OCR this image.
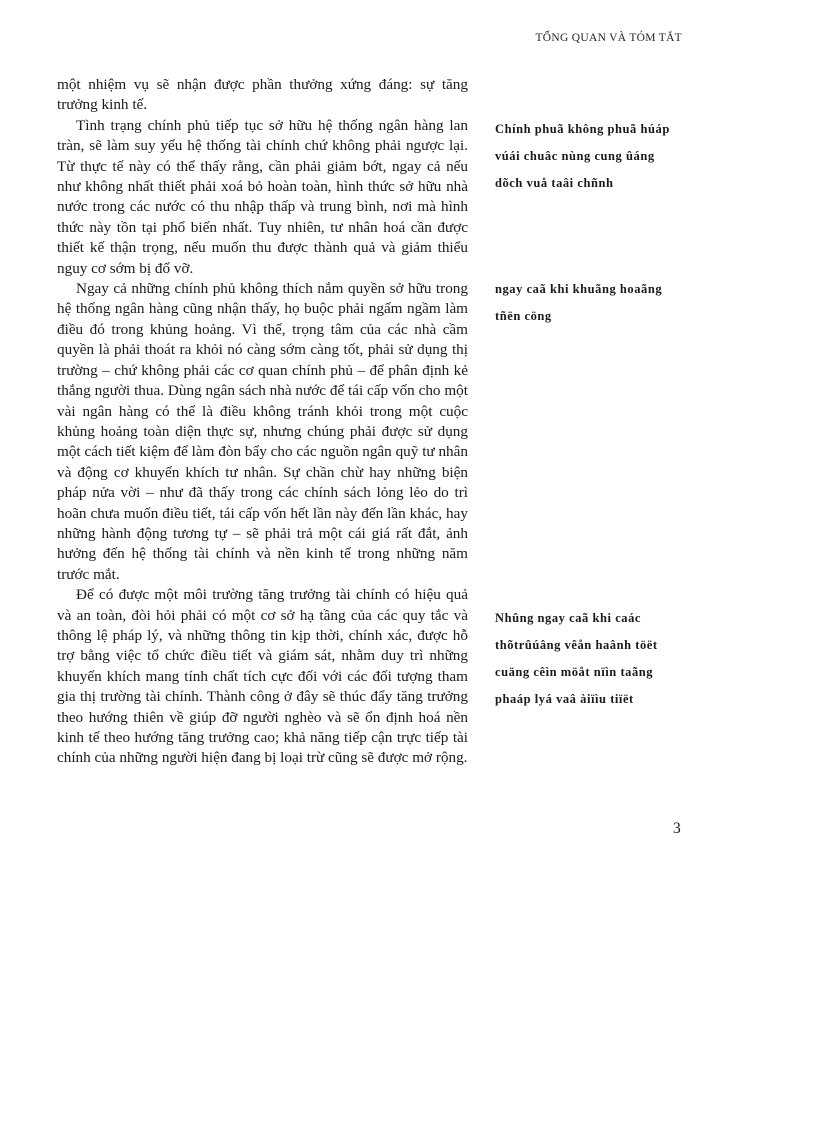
TỔNG QUAN VÀ TÓM TẮT

một nhiệm vụ sẽ nhận được phần thưởng xứng đáng: sự tăng trưởng kinh tế.

Tình trạng chính phủ tiếp tục sở hữu hệ thống ngân hàng lan tràn, sẽ làm suy yếu hệ thống tài chính chứ không phải ngược lại. Từ thực tế này có thể thấy rằng, cần phải giảm bớt, ngay cả nếu như không nhất thiết phải xoá bỏ hoàn toàn, hình thức sở hữu nhà nước trong các nước có thu nhập thấp và trung bình, nơi mà hình thức này tồn tại phổ biến nhất. Tuy nhiên, tư nhân hoá cần được thiết kế thận trọng, nếu muốn thu được thành quả và giảm thiểu nguy cơ sớm bị đổ vỡ.

Ngay cả những chính phủ không thích nắm quyền sở hữu trong hệ thống ngân hàng cũng nhận thấy, họ buộc phải ngấm ngầm làm điều đó trong khủng hoảng. Vì thế, trọng tâm của các nhà cầm quyền là phải thoát ra khỏi nó càng sớm càng tốt, phải sử dụng thị trường – chứ không phải các cơ quan chính phủ – để phân định kẻ thắng người thua. Dùng ngân sách nhà nước để tái cấp vốn cho một vài ngân hàng có thể là điều không tránh khỏi trong một cuộc khủng hoảng toàn diện thực sự, nhưng chúng phải được sử dụng một cách tiết kiệm để làm đòn bẩy cho các nguồn ngân quỹ tư nhân và động cơ khuyến khích tư nhân. Sự chần chừ hay những biện pháp nửa vời – như đã thấy trong các chính sách lỏng lẻo do trì hoãn chưa muốn điều tiết, tái cấp vốn hết lần này đến lần khác, hay những hành động tương tự – sẽ phải trả một cái giá rất đắt, ảnh hưởng đến hệ thống tài chính và nền kinh tế trong những năm trước mắt.

Để có được một môi trường tăng trưởng tài chính có hiệu quả và an toàn, đòi hỏi phải có một cơ sở hạ tầng của các quy tắc và thông lệ pháp lý, và những thông tin kịp thời, chính xác, được hỗ trợ bằng việc tổ chức điều tiết và giám sát, nhằm duy trì những khuyến khích mang tính chất tích cực đối với các đối tượng tham gia thị trường tài chính. Thành công ở đây sẽ thúc đẩy tăng trưởng theo hướng thiên về giúp đỡ người nghèo và sẽ ổn định hoá nền kinh tế theo hướng tăng trưởng cao; khả năng tiếp cận trực tiếp tài chính của những người hiện đang bị loại trừ cũng sẽ được mở rộng.

Chính phuã không phuã húáp
vúái chuâc nùng cung ûáng
dõch vuå taâi chñnh
ngay caã khi khuãng hoaãng
tñën cöng
Nhûng ngay caã khi caác
thõtrûúâng vêån haânh töët
cuäng cêìn möåt nïìn taãng
phaáp lyá vaâ àiïìu tiïët
3
